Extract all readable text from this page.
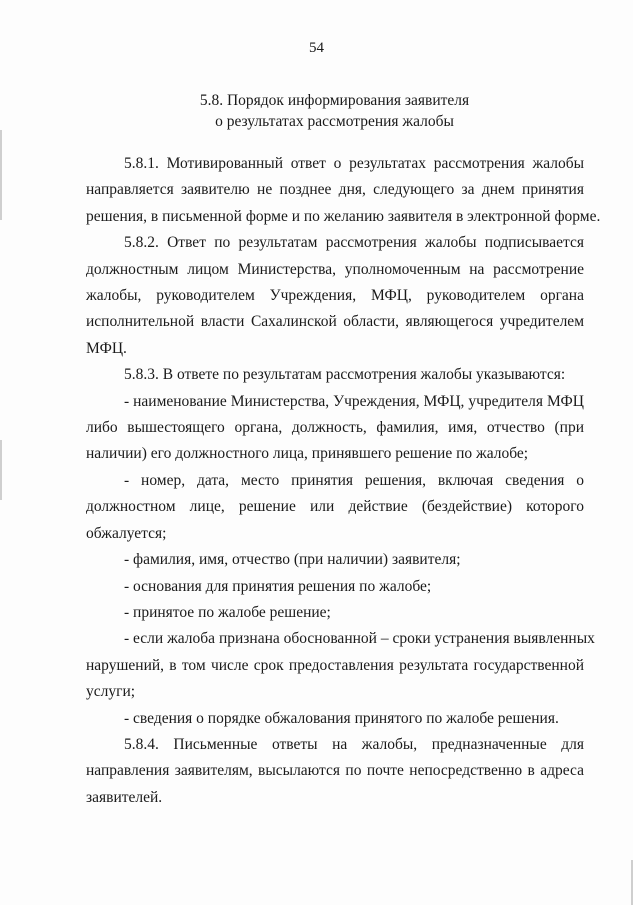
54
5.8. Порядок информирования заявителя
о результатах рассмотрения жалобы

5.8.1. Мотивированный ответ о результатах рассмотрения жалобы
направляется заявителю не позднее дня, следующего за днем принятия
решения, в письменной форме и по желанию заявителя в электронной форме.

5.8.2. Ответ по результатам рассмотрения жалобы подписывается
должностным лицом Министерства, уполномоченным на рассмотрение
жалобы, руководителем Учреждения, МФЦ, руководителем органа
исполнительной власти Сахалинской области, являющегося учредителем
МФЦ.

5.8.3. В ответе по результатам рассмотрения жалобы указываются:

- наименование Министерства, Учреждения, МФЦ, учредителя МФЦ
либо вышестоящего органа, должность, фамилия, имя, отчество (при
наличии) его должностного лица, принявшего решение по жалобе;

- номер, дата, место принятия решения, включая сведения о
должностном лице, решение или действие (бездействие) которого
обжалуется;

- фамилия, имя, отчество (при наличии) заявителя;

- основания для принятия решения по жалобе;

- принятое по жалобе решение;

- если жалоба признана обоснованной – сроки устранения выявленных
нарушений, в том числе срок предоставления результата государственной
услуги;

- сведения о порядке обжалования принятого по жалобе решения.

5.8.4. Письменные ответы на жалобы, предназначенные для
направления заявителям, высылаются по почте непосредственно в адреса
заявителей.
